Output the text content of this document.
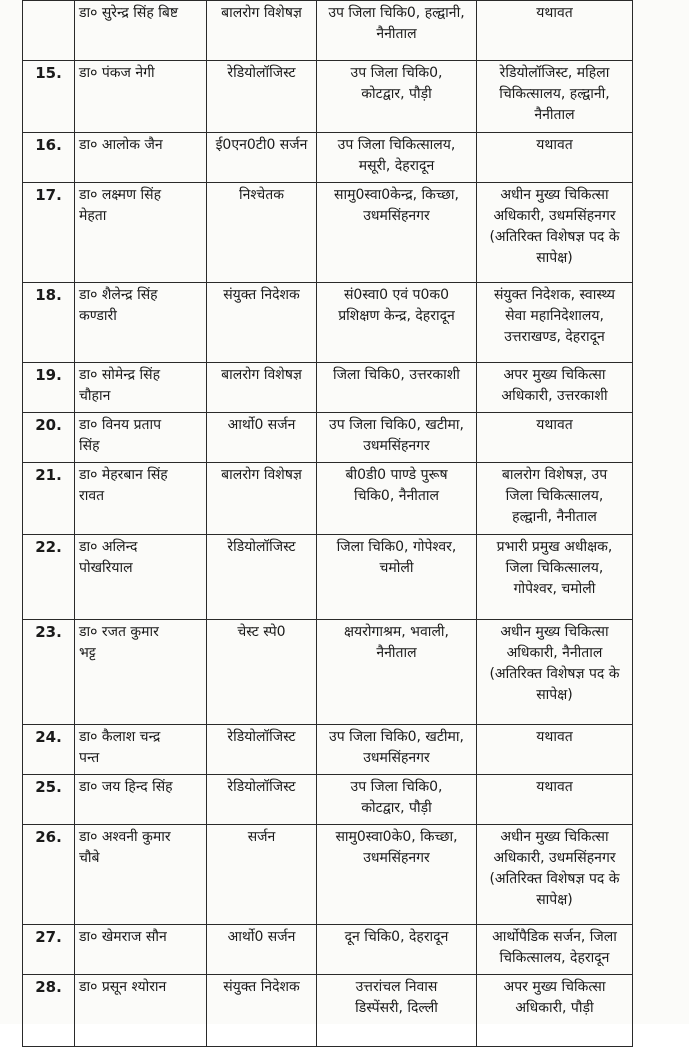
	डा० सुरेन्द्र सिंह बिष्ट	बालरोग विशेषज्ञ	उप जिला चिकि0, हल्द्वानी,
नैनीताल	यथावत

15.	डा० पंकज नेगी	रेडियोलॉजिस्ट	उप जिला चिकि0,
कोटद्वार, पौड़ी	रेडियोलॉजिस्ट, महिला
चिकित्सालय, हल्द्वानी,
नैनीताल

16.	डा० आलोक जैन	ई0एन0टी0 सर्जन	उप जिला चिकित्सालय,
मसूरी, देहरादून	यथावत

17.	डा० लक्ष्मण सिंह
मेहता	निश्चेतक	सामु0स्वा0केन्द्र, किच्छा,
उधमसिंहनगर	अधीन मुख्य चिकित्सा
अधिकारी, उधमसिंहनगर
(अतिरिक्त विशेषज्ञ पद के
सापेक्ष)

18.	डा० शैलेन्द्र सिंह
कण्डारी	संयुक्त निदेशक	सं0स्वा0 एवं प0क0
प्रशिक्षण केन्द्र, देहरादून	संयुक्त निदेशक, स्वास्थ्य
सेवा महानिदेशालय,
उत्तराखण्ड, देहरादून

19.	डा० सोमेन्द्र सिंह
चौहान	बालरोग विशेषज्ञ	जिला चिकि0, उत्तरकाशी	अपर मुख्य चिकित्सा
अधिकारी, उत्तरकाशी

20.	डा० विनय प्रताप
सिंह	आर्थो0 सर्जन	उप जिला चिकि0, खटीमा,
उधमसिंहनगर	यथावत

21.	डा० मेहरबान सिंह
रावत	बालरोग विशेषज्ञ	बी0डी0 पाण्डे पुरूष
चिकि0, नैनीताल	बालरोग विशेषज्ञ, उप
जिला चिकित्सालय,
हल्द्वानी, नैनीताल

22.	डा० अलिन्द
पोखरियाल	रेडियोलॉजिस्ट	जिला चिकि0, गोपेश्वर,
चमोली	प्रभारी प्रमुख अधीक्षक,
जिला चिकित्सालय,
गोपेश्वर, चमोली

23.	डा० रजत कुमार
भट्ट	चेस्ट स्पे0	क्षयरोगाश्रम, भवाली,
नैनीताल	अधीन मुख्य चिकित्सा
अधिकारी, नैनीताल
(अतिरिक्त विशेषज्ञ पद के
सापेक्ष)

24.	डा० कैलाश चन्द्र
पन्त	रेडियोलॉजिस्ट	उप जिला चिकि0, खटीमा,
उधमसिंहनगर	यथावत

25.	डा० जय हिन्द सिंह	रेडियोलॉजिस्ट	उप जिला चिकि0,
कोटद्वार, पौड़ी	यथावत

26.	डा० अश्वनी कुमार
चौबे	सर्जन	सामु0स्वा0के0, किच्छा,
उधमसिंहनगर	अधीन मुख्य चिकित्सा
अधिकारी, उधमसिंहनगर
(अतिरिक्त विशेषज्ञ पद के
सापेक्ष)

27.	डा० खेमराज सौन	आर्थो0 सर्जन	दून चिकि0, देहरादून	आर्थोपैडिक सर्जन, जिला
चिकित्सालय, देहरादून

28.	डा० प्रसून श्योरान	संयुक्त निदेशक	उत्तरांचल निवास
डिस्पेंसरी, दिल्ली	अपर मुख्य चिकित्सा
अधिकारी, पौड़ी
